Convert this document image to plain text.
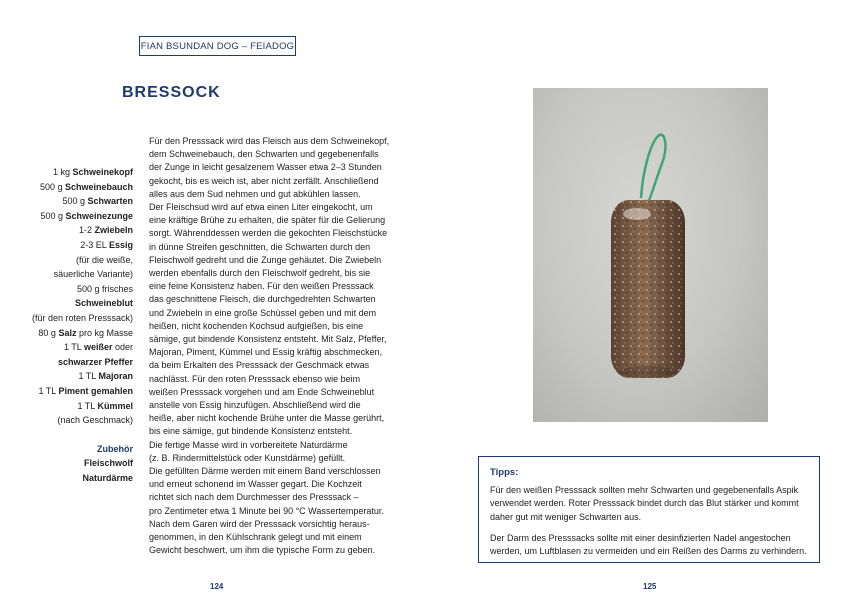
FIAN BSUNDAN DOG – FEIADOG
BRESSOCK

1 kg Schweinekopf

500 g Schweinebauch

500 g Schwarten

500 g Schweinezunge

1-2 Zwiebeln

2-3 EL Essig

(für die weiße,

säuerliche Variante)

500 g frisches

Schweineblut

(für den roten Presssack)

80 g Salz pro kg Masse

1 TL weißer oder

schwarzer Pfeffer

1 TL Majoran

1 TL Piment gemahlen

1 TL Kümmel

(nach Geschmack)

Zubehör

Fleischwolf

Naturdärme

Für den Presssack wird das Fleisch aus dem Schweinekopf,
dem Schweinebauch, den Schwarten und gegebenenfalls
der Zunge in leicht gesalzenem Wasser etwa 2–3 Stunden
gekocht, bis es weich ist, aber nicht zerfällt. Anschließend
alles aus dem Sud nehmen und gut abkühlen lassen.
Der Fleischsud wird auf etwa einen Liter eingekocht, um
eine kräftige Brühe zu erhalten, die später für die Gelierung
sorgt. Währenddessen werden die gekochten Fleischstücke
in dünne Streifen geschnitten, die Schwarten durch den
Fleischwolf gedreht und die Zunge gehäutet. Die Zwiebeln
werden ebenfalls durch den Fleischwolf gedreht, bis sie
eine feine Konsistenz haben. Für den weißen Presssack
das geschnittene Fleisch, die durchgedrehten Schwarten
und Zwiebeln in eine große Schüssel geben und mit dem
heißen, nicht kochenden Kochsud aufgießen, bis eine
sämige, gut bindende Konsistenz entsteht. Mit Salz, Pfeffer,
Majoran, Piment, Kümmel und Essig kräftig abschmecken,
da beim Erkalten des Presssack der Geschmack etwas
nachlässt. Für den roten Presssack ebenso wie beim
weißen Presssack vorgehen und am Ende Schweineblut
anstelle von Essig hinzufügen. Abschließend wird die
heiße, aber nicht kochende Brühe unter die Masse gerührt,
bis eine sämige, gut bindende Konsistenz entsteht.
Die fertige Masse wird in vorbereitete Naturdärme
(z. B. Rindermittelstück oder Kunstdärme) gefüllt.
Die gefüllten Därme werden mit einem Band verschlossen
und erneut schonend im Wasser gegart. Die Kochzeit
richtet sich nach dem Durchmesser des Presssack –
pro Zentimeter etwa 1 Minute bei 90 °C Wassertemperatur.
Nach dem Garen wird der Presssack vorsichtig heraus-
genommen, in den Kühlschrank gelegt und mit einem
Gewicht beschwert, um ihm die typische Form zu geben.
124	125
Tipps:

Für den weißen Presssack sollten mehr Schwarten und gegebenenfalls Aspik verwendet werden. Roter Presssack bindet durch das Blut stärker und kommt daher gut mit weniger Schwarten aus.

Der Darm des Presssacks sollte mit einer desinfizierten Nadel angestochen werden, um Luftblasen zu vermeiden und ein Reißen des Darms zu verhindern.
